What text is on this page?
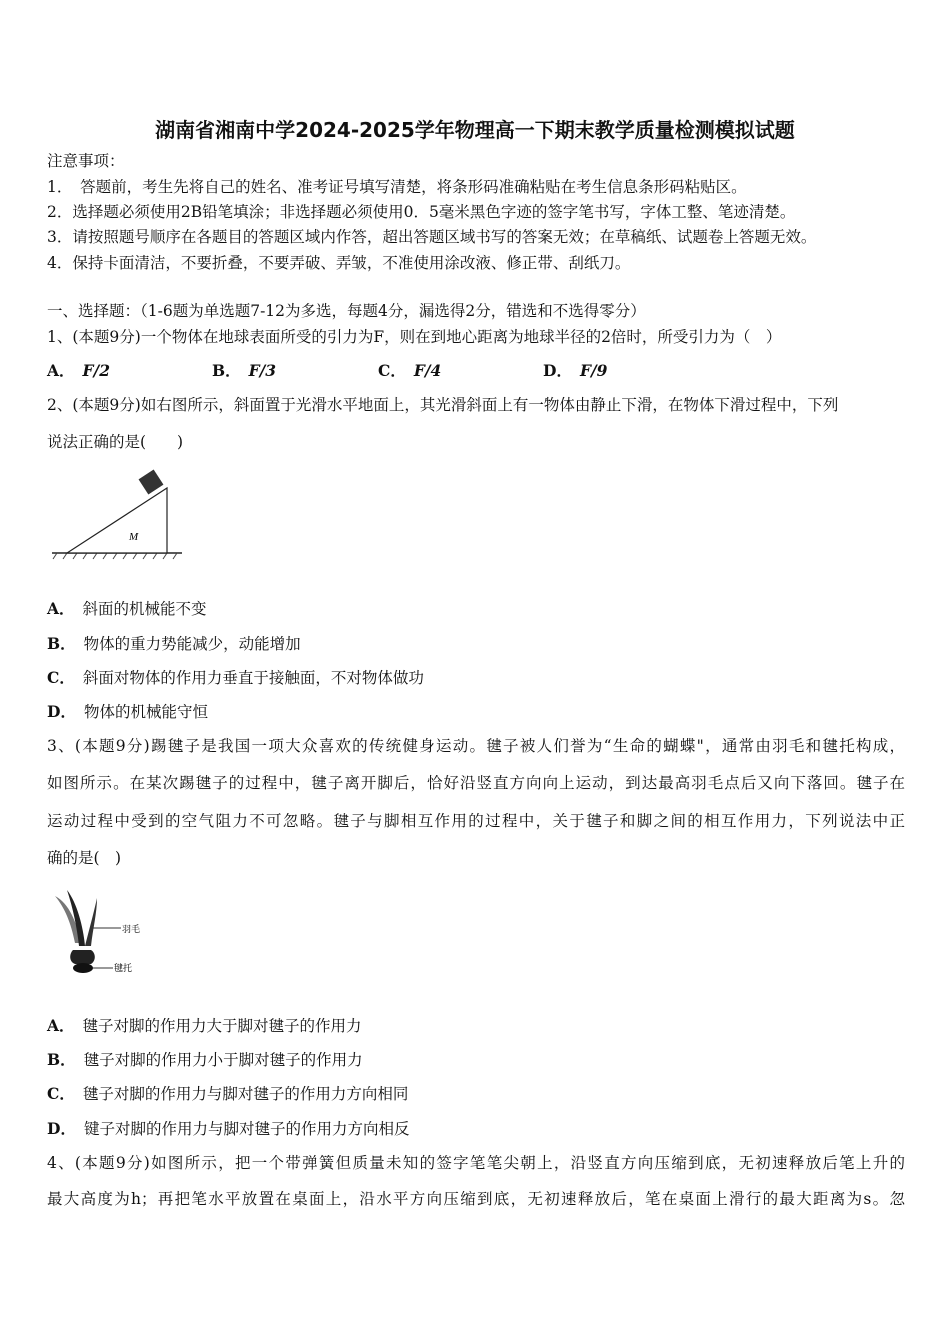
湖南省湘南中学2024-2025学年物理高一下期末教学质量检测模拟试题
注意事项：
1．　答题前，考生先将自己的姓名、准考证号填写清楚，将条形码准确粘贴在考生信息条形码粘贴区。
2．选择题必须使用2B铅笔填涂；非选择题必须使用0．5毫米黑色字迹的签字笔书写，字体工整、笔迹清楚。
3．请按照题号顺序在各题目的答题区域内作答，超出答题区域书写的答案无效；在草稿纸、试题卷上答题无效。
4．保持卡面清洁，不要折叠，不要弄破、弄皱，不准使用涂改液、修正带、刮纸刀。
一、选择题：（1-6题为单选题7-12为多选，每题4分，漏选得2分，错选和不选得零分）
1、(本题9分)一个物体在地球表面所受的引力为F，则在到地心距离为地球半径的2倍时，所受引力为（　）
A． F/2	B． F/3	C． F/4	D． F/9
2、(本题9分)如右图所示，斜面置于光滑水平地面上，其光滑斜面上有一物体由静止下滑，在物体下滑过程中，下列
说法正确的是(　　)
M
A． 斜面的机械能不变
B． 物体的重力势能减少，动能增加
C． 斜面对物体的作用力垂直于接触面，不对物体做功
D． 物体的机械能守恒
3、(本题9分)踢毽子是我国一项大众喜欢的传统健身运动。毽子被人们誉为“生命的蝴蝶"，通常由羽毛和毽托构成，
如图所示。在某次踢毽子的过程中，毽子离开脚后，恰好沿竖直方向向上运动，到达最高羽毛点后又向下落回。毽子在
运动过程中受到的空气阻力不可忽略。毽子与脚相互作用的过程中，关于毽子和脚之间的相互作用力，下列说法中正
确的是(　)
羽毛
毽托
A． 毽子对脚的作用力大于脚对毽子的作用力
B． 毽子对脚的作用力小于脚对毽子的作用力
C． 毽子对脚的作用力与脚对毽子的作用力方向相同
D． 键子对脚的作用力与脚对毽子的作用力方向相反
4、(本题9分)如图所示，把一个带弹簧但质量未知的签字笔笔尖朝上，沿竖直方向压缩到底，无初速释放后笔上升的
最大高度为h；再把笔水平放置在桌面上，沿水平方向压缩到底，无初速释放后，笔在桌面上滑行的最大距离为s。忽
